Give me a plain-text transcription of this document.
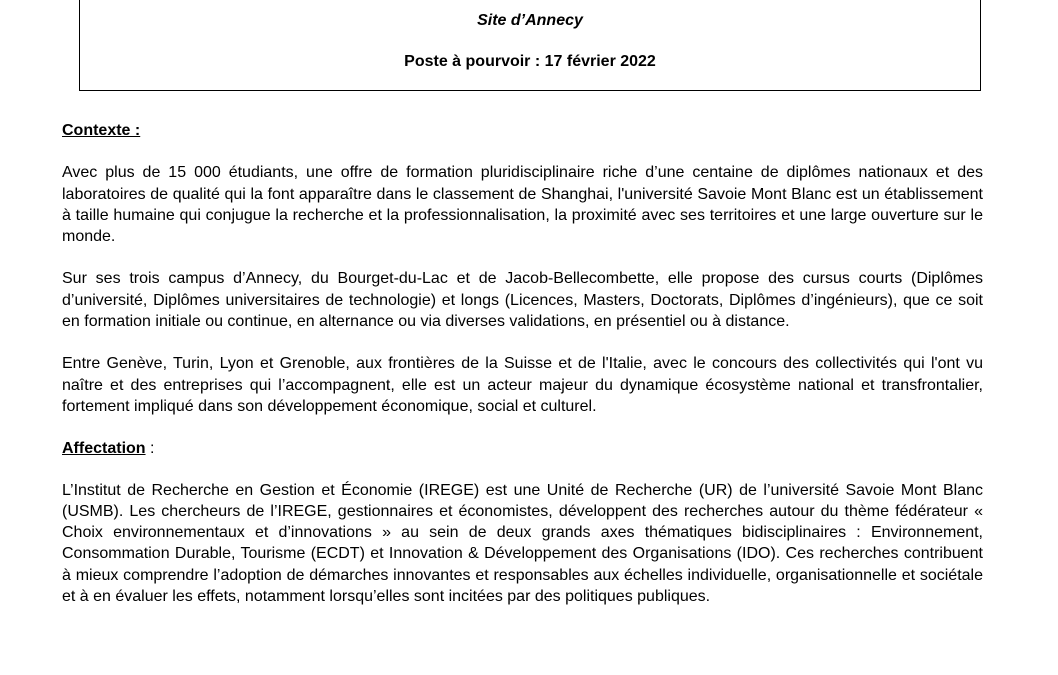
Site d’Annecy
Poste à pourvoir : 17 février 2022
Contexte :

Avec plus de 15 000 étudiants, une offre de formation pluridisciplinaire riche d’une centaine de diplômes nationaux et des laboratoires de qualité qui la font apparaître dans le classement de Shanghai, l'université Savoie Mont Blanc est un établissement à taille humaine qui conjugue la recherche et la professionnalisation, la proximité avec ses territoires et une large ouverture sur le monde.

Sur ses trois campus d’Annecy, du Bourget-du-Lac et de Jacob-Bellecombette, elle propose des cursus courts (Diplômes d’université, Diplômes universitaires de technologie) et longs (Licences, Masters, Doctorats, Diplômes d’ingénieurs), que ce soit en formation initiale ou continue, en alternance ou via diverses validations, en présentiel ou à distance.

Entre Genève, Turin, Lyon et Grenoble, aux frontières de la Suisse et de l'Italie, avec le concours des collectivités qui l'ont vu naître et des entreprises qui l’accompagnent, elle est un acteur majeur du dynamique écosystème national et transfrontalier, fortement impliqué dans son développement économique, social et culturel.

Affectation :

L’Institut de Recherche en Gestion et Économie (IREGE) est une Unité de Recherche (UR) de l’université Savoie Mont Blanc (USMB). Les chercheurs de l’IREGE, gestionnaires et économistes, développent des recherches autour du thème fédérateur « Choix environnementaux et d’innovations » au sein de deux grands axes thématiques bidisciplinaires : Environnement, Consommation Durable, Tourisme (ECDT) et Innovation & Développement des Organisations (IDO). Ces recherches contribuent à mieux comprendre l’adoption de démarches innovantes et responsables aux échelles individuelle, organisationnelle et sociétale et à en évaluer les effets, notamment lorsqu’elles sont incitées par des politiques publiques.
